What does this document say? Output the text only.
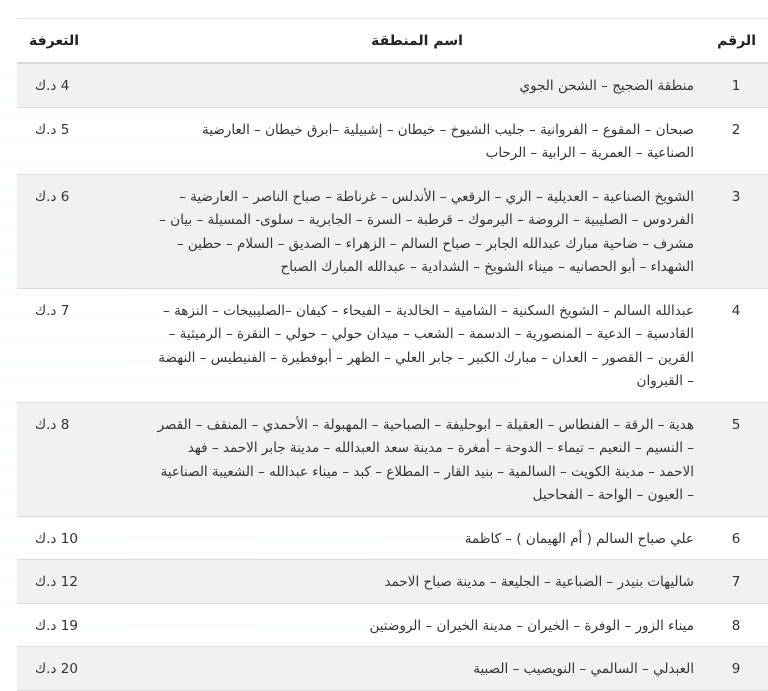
الرقم	اسم المنطقة	التعرفة
1	منطقة الضجيج – الشحن الجوي	4 د.ك
2	صبحان – المقوع – الفروانية – جليب الشيوخ – خيطان – إشبيلية –ابرق خيطان – العارضية الصناعية – العمرية – الرابية – الرحاب	5 د.ك
3	الشويخ الصناعية – العديلية – الري – الرقعي – الأندلس – غرناطة – صباح الناصر – العارضية – الفردوس – الصليبية – الروضة – اليرموك – قرطبة – السرة – الجابرية – سلوى- المسيلة – بيان – مشرف – ضاحية مبارك عبدالله الجابر – صباح السالم – الزهراء – الصديق – السلام – حطين – الشهداء – أبو الحصانيه – ميناء الشويخ – الشدادية – عبدالله المبارك الصباح	6 د.ك
4	عبدالله السالم – الشويخ السكنية – الشامية – الخالدية – الفيحاء – كيفان –الصليبيخات – النزهة – القادسية – الدعية – المنصورية – الدسمة – الشعب – ميدان حولي – حولي – النقرة – الرميثية – القرين – القصور – العدان – مبارك الكبير – جابر العلي – الظهر – أبوفطيرة – الفنيطيس – النهضة – القيروان	7 د.ك
5	هدية – الرقة – الفنطاس – العقيلة – ابوحليفة – الصباحية – المهبولة – الأحمدي – المنقف – القصر – النسيم – النعيم – تيماء – الدوحة – أمغرة – مدينة سعد العبدالله – مدينة جابر الاحمد – فهد الاحمد – مدينة الكويت – السالمية – بنيد القار – المطلاع – كبد – ميناء عبدالله – الشعيبة الصناعية – العيون – الواحة – الفحاحيل	8 د.ك
6	علي صباح السالم ( أم الهيمان ) – كاظمة	10 د.ك
7	شاليهات بنيدر – الضباعية – الجليعة – مدينة صباح الاحمد	12 د.ك
8	ميناء الزور – الوفرة – الخيران – مدينة الخيران – الروضتين	19 د.ك
9	العبدلي – السالمي – النويصيب – الصبية	20 د.ك
